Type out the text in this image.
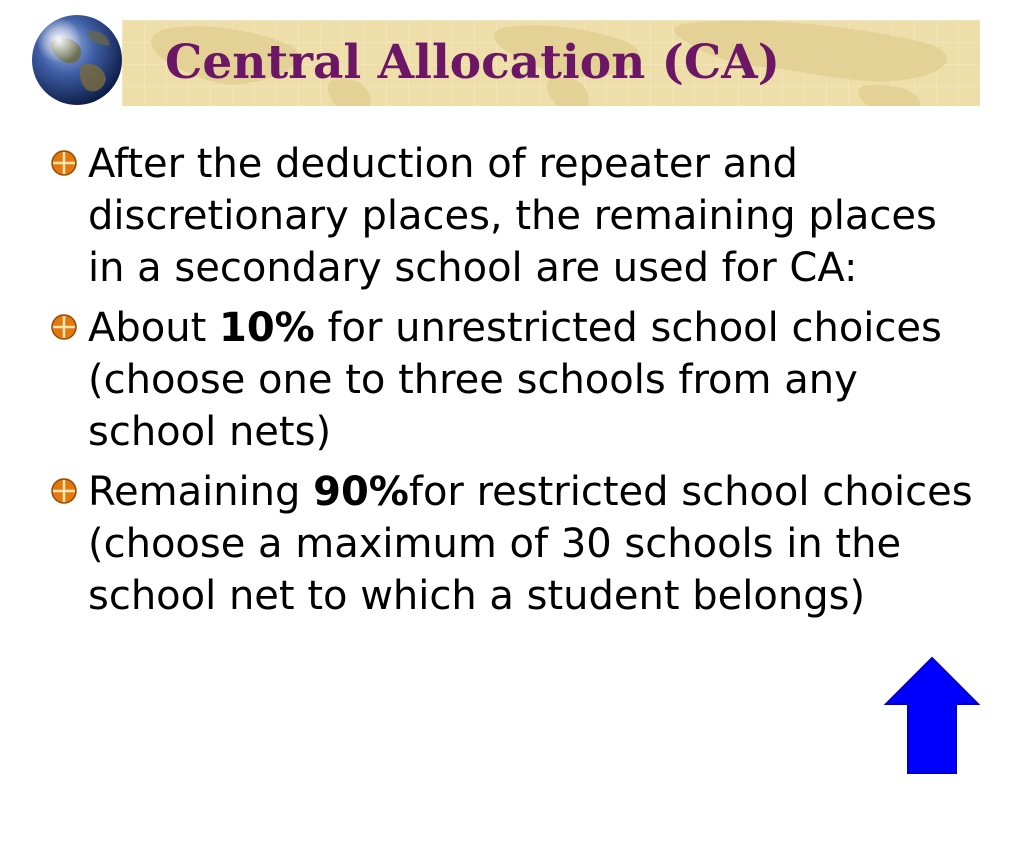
Central Allocation (CA)
After the deduction of repeater and discretionary places, the remaining places in a secondary school are used for CA:
About 10% for unrestricted school choices (choose one to three schools from any school nets)
Remaining 90%for restricted school choices (choose a maximum of 30 schools in the school net to which a student belongs)
